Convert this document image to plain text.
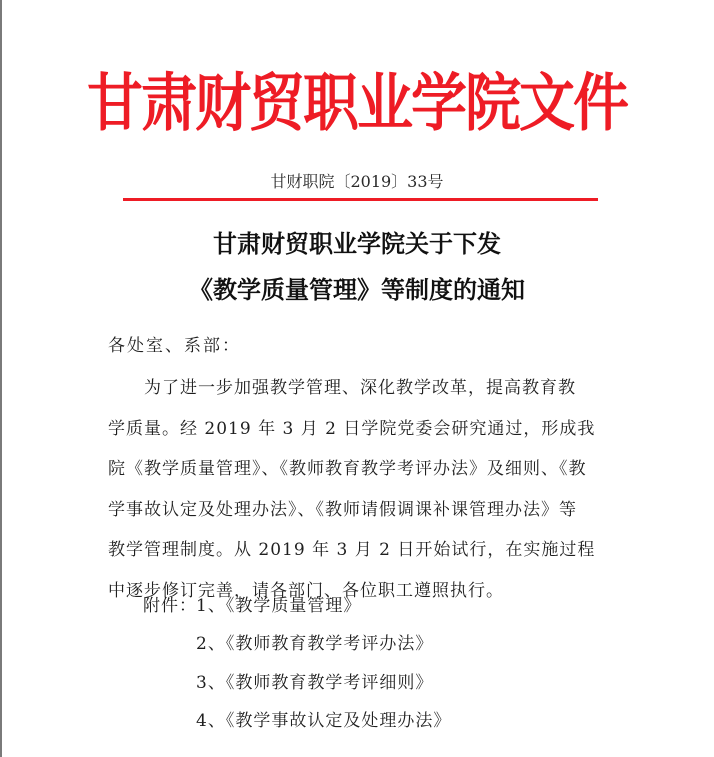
甘肃财贸职业学院文件
甘财职院〔2019〕33号
甘肃财贸职业学院关于下发
《教学质量管理》等制度的通知
各处室、系部：
为了进一步加强教学管理、深化教学改革，提高教育教
学质量。经 2019 年 3 月 2 日学院党委会研究通过，形成我
院《教学质量管理》、《教师教育教学考评办法》及细则、《教
学事故认定及处理办法》、《教师请假调课补课管理办法》等
教学管理制度。从 2019 年 3 月 2 日开始试行，在实施过程
中逐步修订完善，请各部门、各位职工遵照执行。
附件： 1、《教学质量管理》
2、《教师教育教学考评办法》
3、《教师教育教学考评细则》
4、《教学事故认定及处理办法》
